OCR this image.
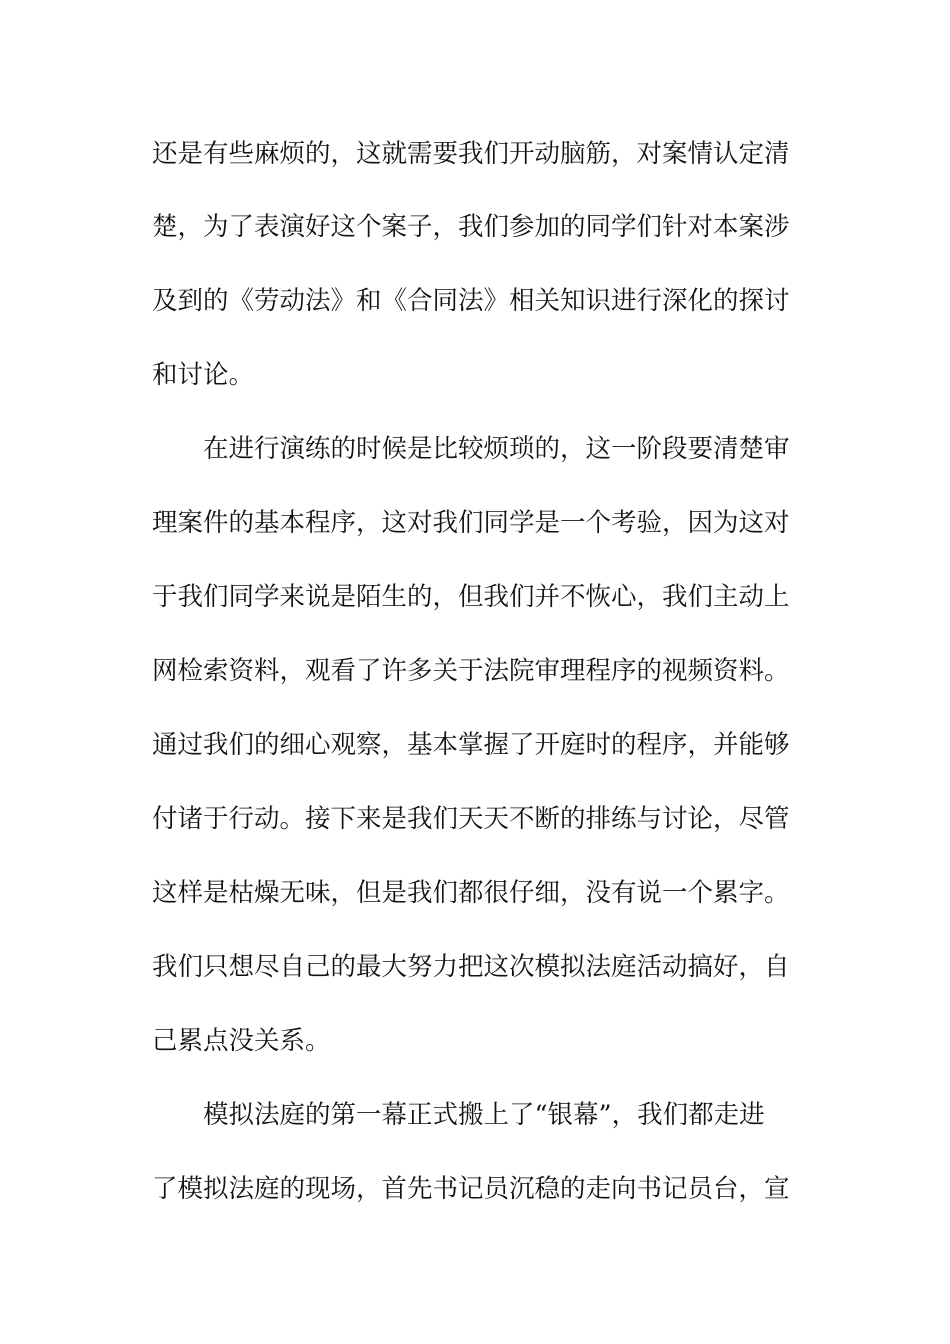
还是有些麻烦的，这就需要我们开动脑筋，对案情认定清
楚，为了表演好这个案子，我们参加的同学们针对本案涉
及到的《劳动法》和《合同法》相关知识进行深化的探讨
和讨论。
在进行演练的时候是比较烦琐的，这一阶段要清楚审
理案件的基本程序，这对我们同学是一个考验，因为这对
于我们同学来说是陌生的，但我们并不恢心，我们主动上
网检索资料，观看了许多关于法院审理程序的视频资料。
通过我们的细心观察，基本掌握了开庭时的程序，并能够
付诸于行动。接下来是我们天天不断的排练与讨论，尽管
这样是枯燥无味，但是我们都很仔细，没有说一个累字。
我们只想尽自己的最大努力把这次模拟法庭活动搞好，自
己累点没关系。
模拟法庭的第一幕正式搬上了“银幕”，我们都走进
了模拟法庭的现场，首先书记员沉稳的走向书记员台，宣
